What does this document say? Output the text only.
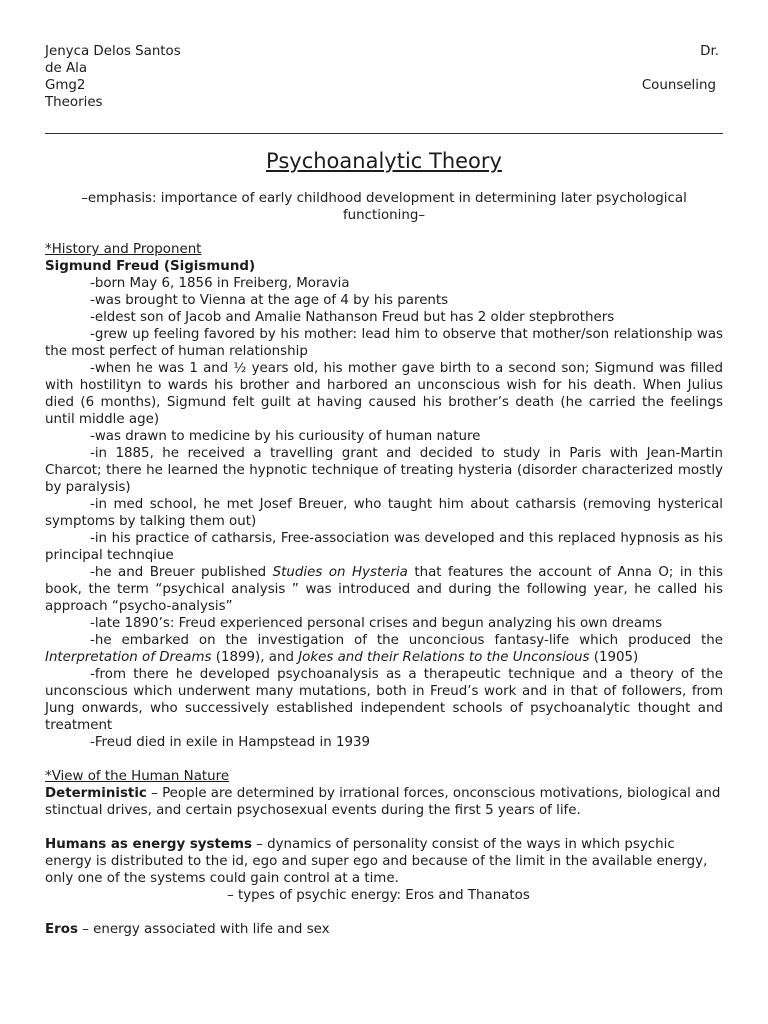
Jenyca Delos Santos	Dr.
de Ala
Gmg2	Counseling
Theories
Psychoanalytic Theory
–emphasis: importance of early childhood development in determining later psychological functioning–
*History and Proponent
Sigmund Freud (Sigismund)
-born May 6, 1856 in Freiberg, Moravia
-was brought to Vienna at the age of 4 by his parents
-eldest son of Jacob and Amalie Nathanson Freud but has 2 older stepbrothers
-grew up feeling favored by his mother: lead him to observe that mother/son relationship was the most perfect of human relationship
-when he was 1 and ½ years old, his mother gave birth to a second son; Sigmund was filled with hostilityn to wards his brother and harbored an unconscious wish for his death. When Julius died (6 months), Sigmund felt guilt at having caused his brother’s death (he carried the feelings until middle age)
-was drawn to medicine by his curiousity of human nature
-in 1885, he received a travelling grant and decided to study in Paris with Jean-Martin Charcot; there he learned the hypnotic technique of treating hysteria (disorder characterized mostly by paralysis)
-in med school, he met Josef Breuer, who taught him about catharsis (removing hysterical symptoms by talking them out)
-in his practice of catharsis, Free-association was developed and this replaced hypnosis as his principal technqiue
-he and Breuer published Studies on Hysteria that features the account of Anna O; in this book, the term “psychical analysis ” was introduced and during the following year, he called his approach “psycho-analysis”
-late 1890’s: Freud experienced personal crises and begun analyzing his own dreams
-he embarked on the investigation of the unconcious fantasy-life which produced the Interpretation of Dreams (1899), and Jokes and their Relations to the Unconsious (1905)
-from there he developed psychoanalysis as a therapeutic technique and a theory of the unconscious which underwent many mutations, both in Freud’s work and in that of followers, from Jung onwards, who successively established independent schools of psychoanalytic thought and treatment
-Freud died in exile in Hampstead in 1939
*View of the Human Nature
Deterministic – People are determined by irrational forces, onconscious motivations, biological and stinctual drives, and certain psychosexual events during the first 5 years of life.
Humans as energy systems – dynamics of personality consist of the ways in which psychic energy is distributed to the id, ego and super ego and because of the limit in the available energy, only one of the systems could gain control at a time.
– types of psychic energy: Eros and Thanatos
Eros – energy associated with life and sex
